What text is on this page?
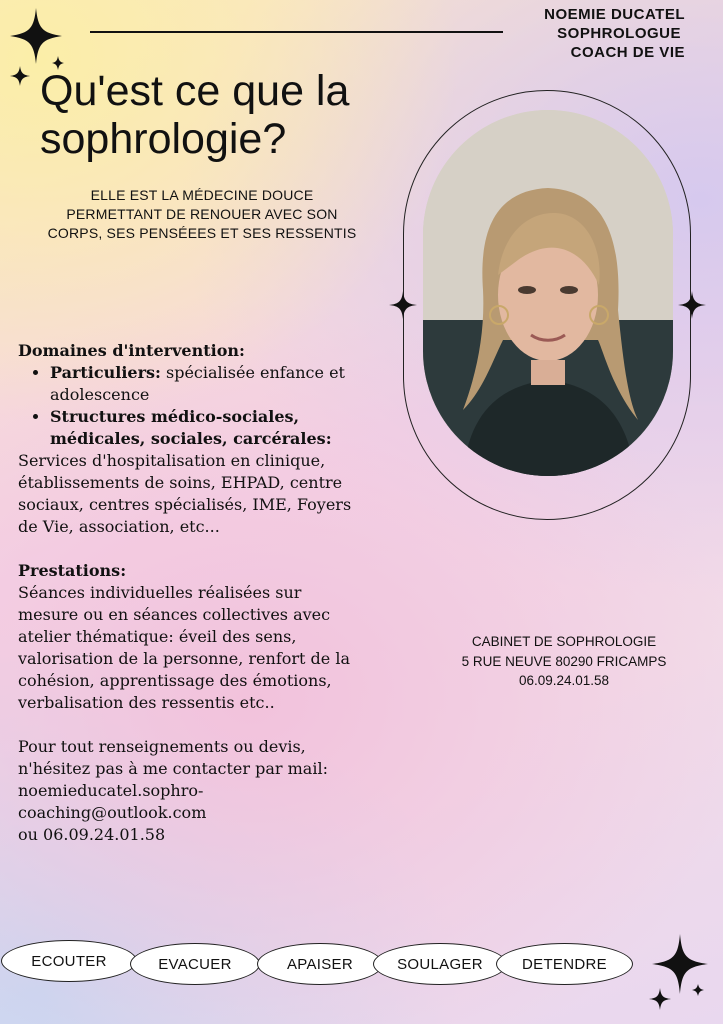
NOEMIE DUCATEL
SOPHROLOGUE
COACH DE VIE
Qu'est ce que la
sophrologie?
ELLE EST LA MÉDECINE DOUCE
PERMETTANT DE RENOUER AVEC SON
CORPS, SES PENSÉEES ET SES RESSENTIS

Domaines d'intervention:

• Particuliers: spécialisée enfance et adolescence
• Structures médico-sociales, médicales, sociales, carcérales:

Services d'hospitalisation en clinique, établissements de soins, EHPAD, centre sociaux, centres spécialisés, IME, Foyers de Vie, association, etc...

Prestations:

Séances individuelles réalisées sur mesure ou en séances collectives avec atelier thématique: éveil des sens, valorisation de la personne, renfort de la cohésion, apprentissage des émotions, verbalisation des ressentis etc..

Pour tout renseignements ou devis, n'hésitez pas à me contacter par mail:

noemieducatel.sophro-

coaching@outlook.com

ou 06.09.24.01.58

CABINET DE SOPHROLOGIE
5 RUE NEUVE 80290 FRICAMPS
06.09.24.01.58
ECOUTER	EVACUER	APAISER	SOULAGER	DETENDRE
